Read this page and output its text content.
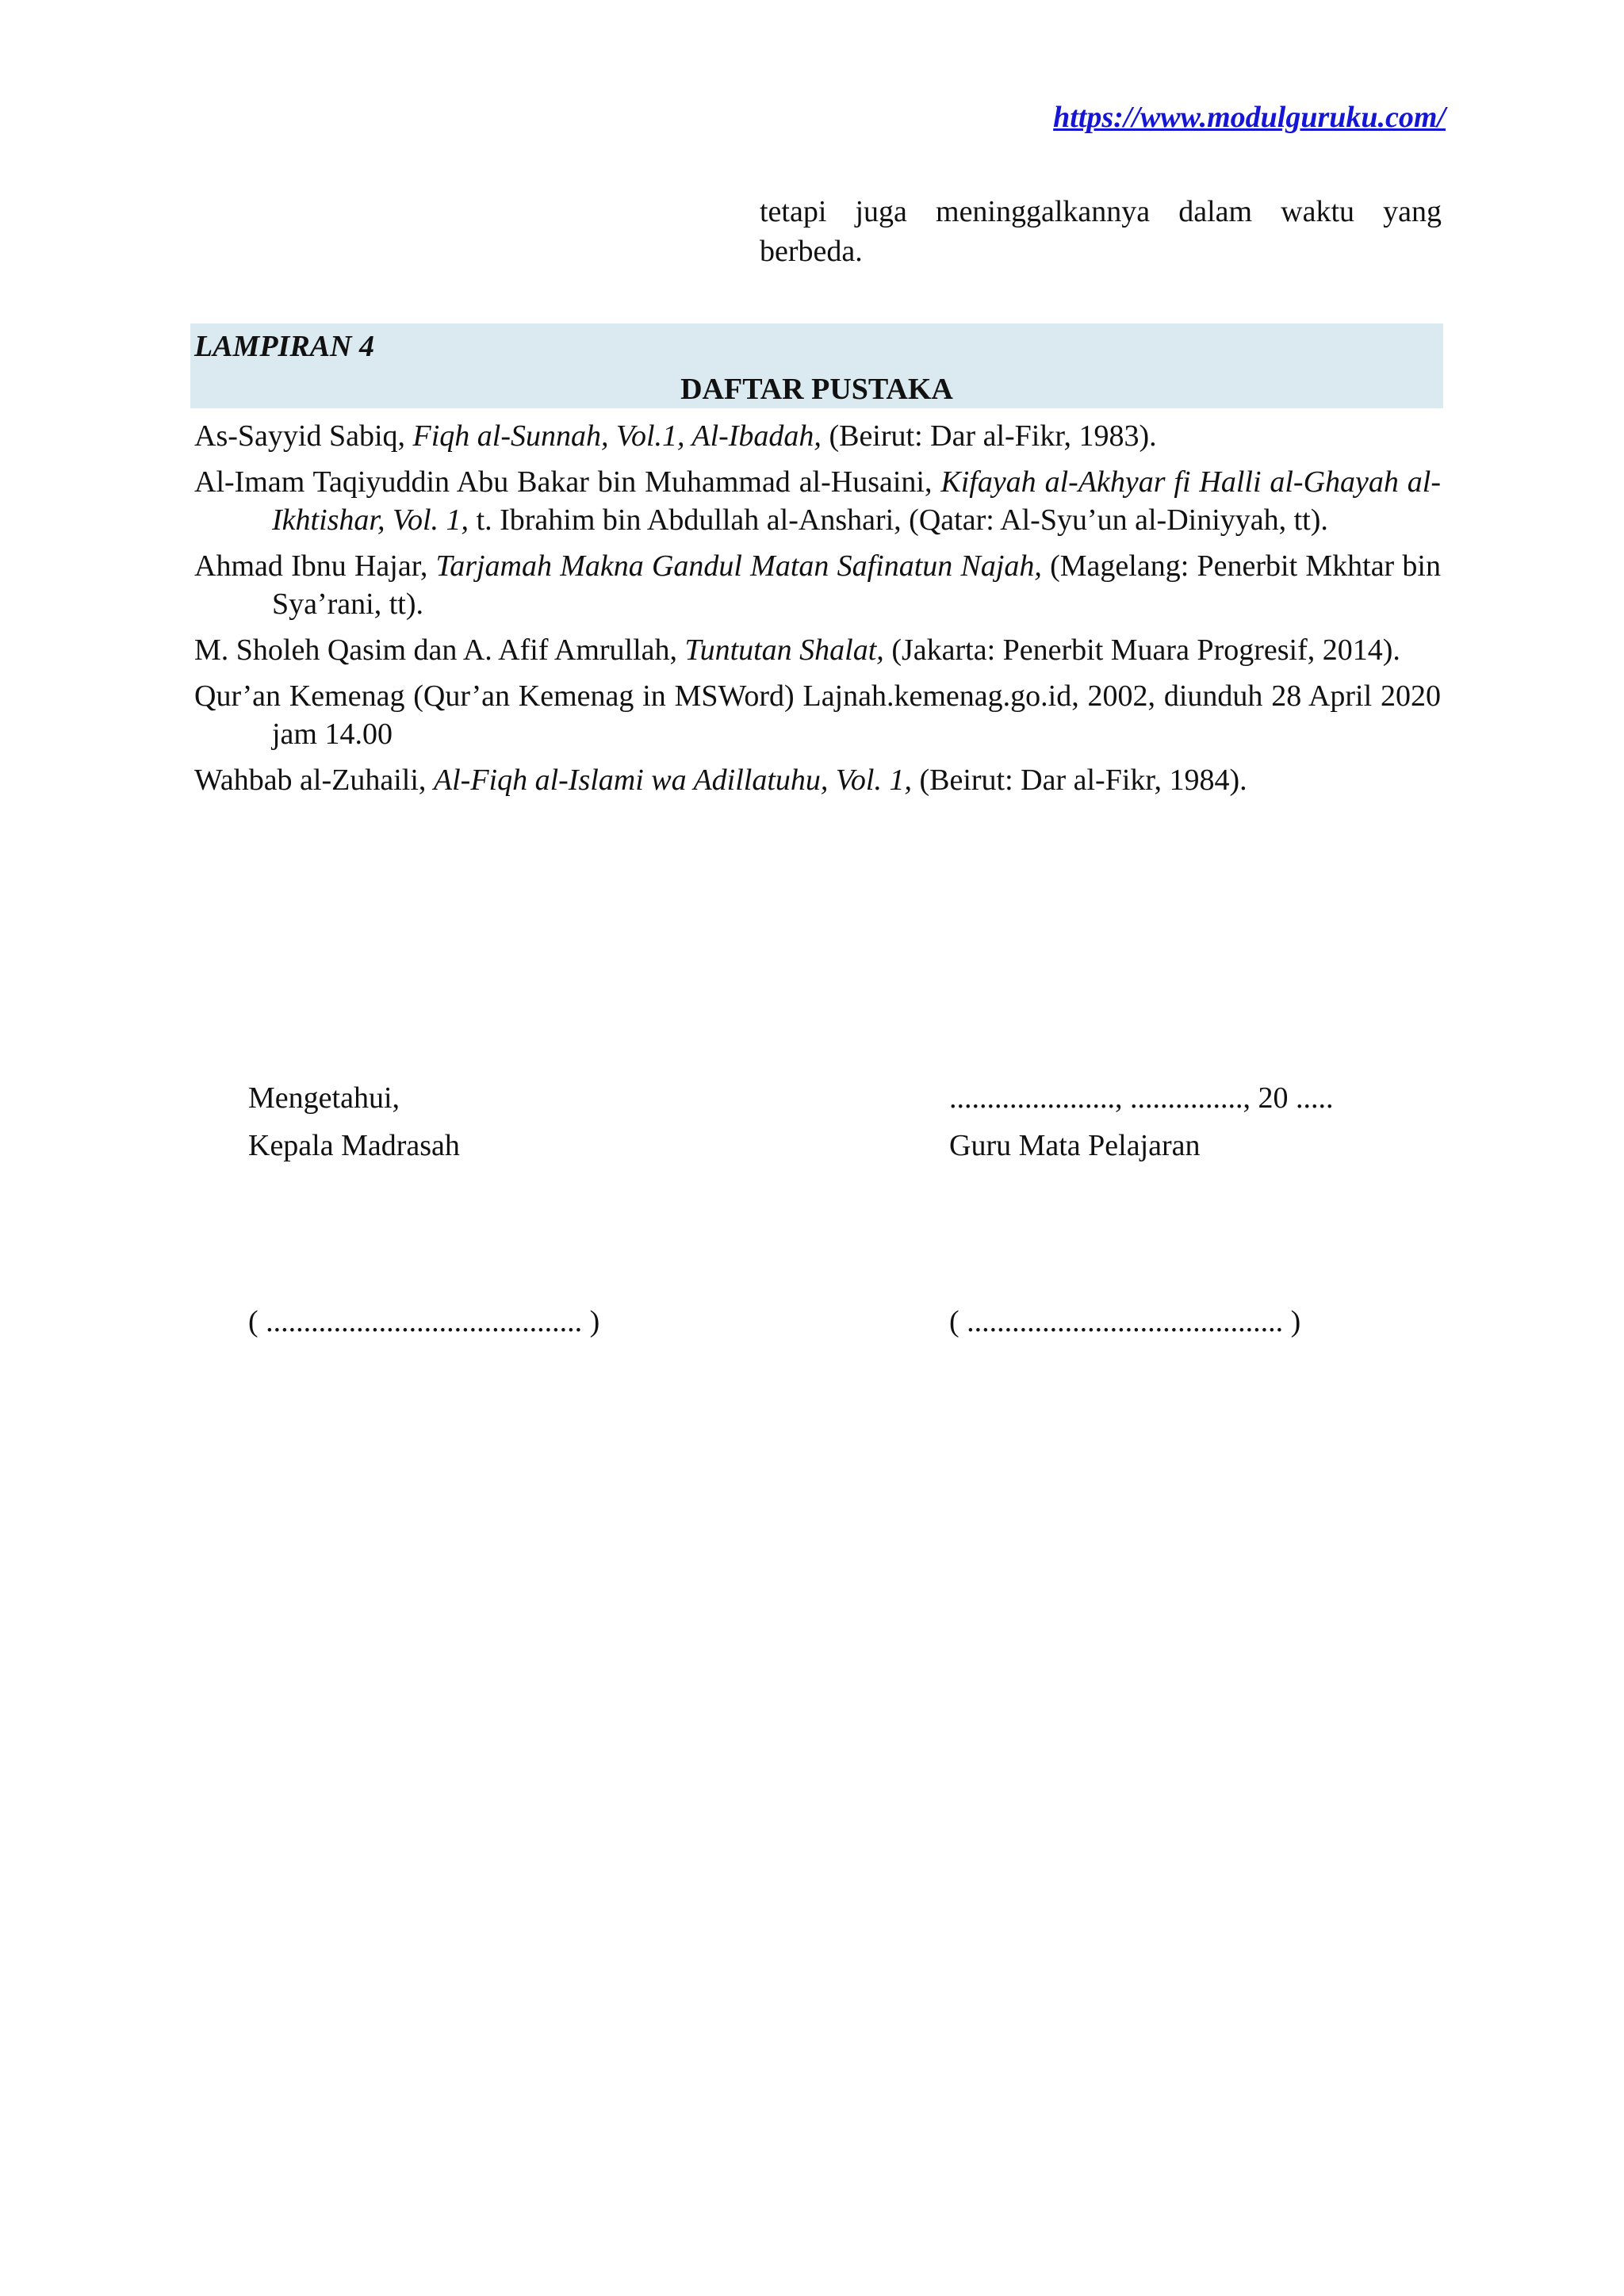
https://www.modulguruku.com/
tetapi juga meninggalkannya dalam waktu yang berbeda.
LAMPIRAN 4
DAFTAR PUSTAKA
As-Sayyid Sabiq, Fiqh al-Sunnah, Vol.1, Al-Ibadah, (Beirut: Dar al-Fikr, 1983).
Al-Imam Taqiyuddin Abu Bakar bin Muhammad al-Husaini, Kifayah al-Akhyar fi Halli al-Ghayah al-Ikhtishar, Vol. 1, t. Ibrahim bin Abdullah al-Anshari, (Qatar: Al-Syu’un al-Diniyyah, tt).
Ahmad Ibnu Hajar, Tarjamah Makna Gandul Matan Safinatun Najah, (Magelang: Penerbit Mkhtar bin Sya’rani, tt).
M. Sholeh Qasim dan A. Afif Amrullah, Tuntutan Shalat, (Jakarta: Penerbit Muara Progresif, 2014).
Qur’an Kemenag (Qur’an Kemenag in MSWord) Lajnah.kemenag.go.id, 2002, diunduh 28 April 2020 jam 14.00
Wahbab al-Zuhaili, Al-Fiqh al-Islami wa Adillatuhu, Vol. 1, (Beirut: Dar al-Fikr, 1984).
Mengetahui,
Kepala Madrasah
......................, ..............., 20 .....
Guru Mata Pelajaran
( .......................................... )	( .......................................... )
